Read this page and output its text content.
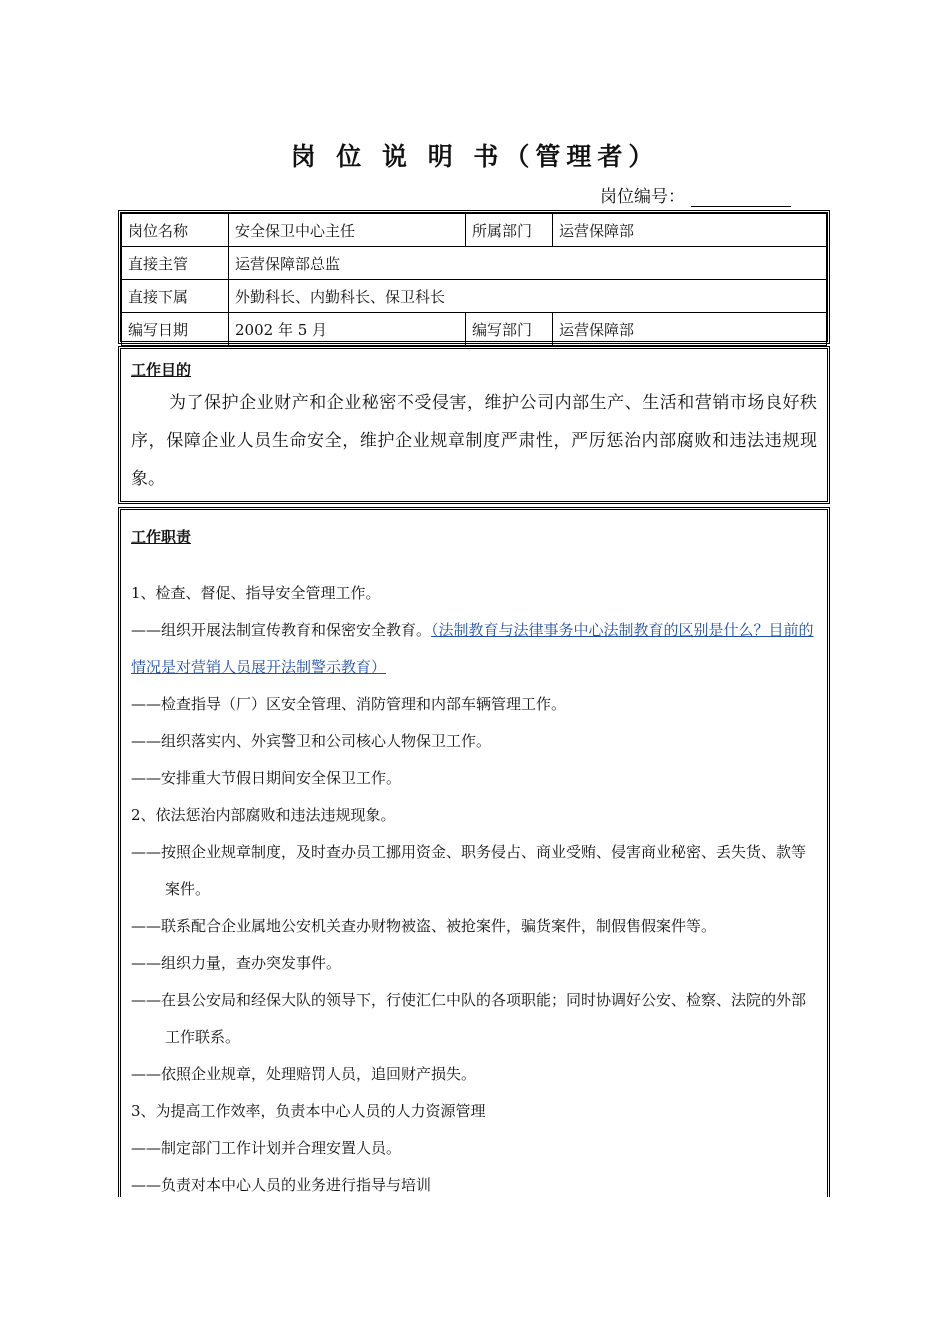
岗 位 说 明 书（管理者）
岗位编号：
岗位名称	安全保卫中心主任	所属部门	运营保障部
直接主管	运营保障部总监		
直接下属	外勤科长、内勤科长、保卫科长		
编写日期	2002 年 5 月	编写部门	运营保障部
工作目的
为了保护企业财产和企业秘密不受侵害，维护公司内部生产、生活和营销市场良好秩序，保障企业人员生命安全，维护企业规章制度严肃性，严厉惩治内部腐败和违法违规现象。
工作职责
1、检查、督促、指导安全管理工作。
——组织开展法制宣传教育和保密安全教育。（法制教育与法律事务中心法制教育的区别是什么？目前的情况是对营销人员展开法制警示教育）
——检查指导（厂）区安全管理、消防管理和内部车辆管理工作。
——组织落实内、外宾警卫和公司核心人物保卫工作。
——安排重大节假日期间安全保卫工作。
2、依法惩治内部腐败和违法违规现象。
——按照企业规章制度，及时查办员工挪用资金、职务侵占、商业受贿、侵害商业秘密、丢失货、款等案件。
——联系配合企业属地公安机关查办财物被盗、被抢案件，骗货案件，制假售假案件等。
——组织力量，查办突发事件。
——在县公安局和经保大队的领导下，行使汇仁中队的各项职能；同时协调好公安、检察、法院的外部工作联系。
——依照企业规章，处理赔罚人员，追回财产损失。
3、为提高工作效率，负责本中心人员的人力资源管理
——制定部门工作计划并合理安置人员。
——负责对本中心人员的业务进行指导与培训
